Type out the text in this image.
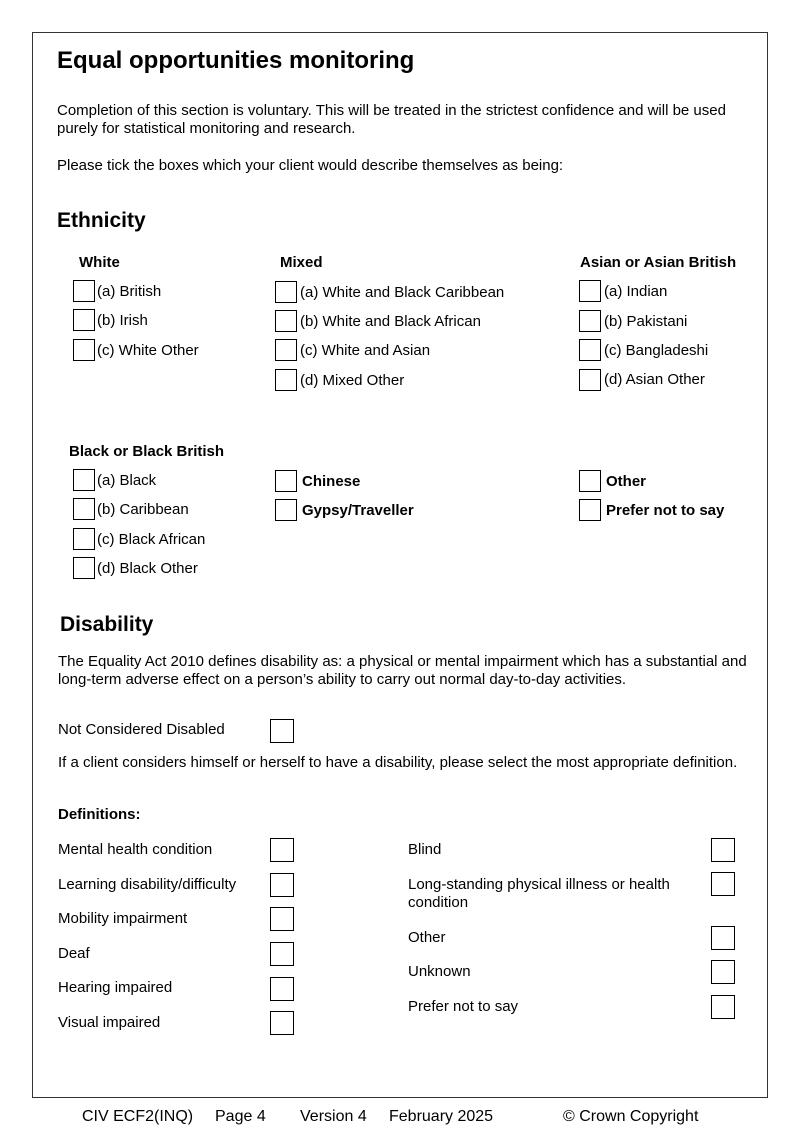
Equal opportunities monitoring
Completion of this section is voluntary. This will be treated in the strictest confidence and will be used purely for statistical monitoring and research.
Please tick the boxes which your client would describe themselves as being:
Ethnicity
White
(a) British
(b) Irish
(c) White Other
Mixed
(a) White and Black Caribbean
(b) White and Black African
(c) White and Asian
(d) Mixed Other
Asian or Asian British
(a) Indian
(b) Pakistani
(c) Bangladeshi
(d) Asian Other
Black or Black British
(a) Black
(b) Caribbean
(c) Black African
(d) Black Other
Chinese
Gypsy/Traveller
Other
Prefer not to say
Disability
The Equality Act 2010 defines disability as: a physical or mental impairment which has a substantial and long-term adverse effect on a person’s ability to carry out normal day-to-day activities.
Not Considered Disabled
If a client considers himself or herself to have a disability, please select the most appropriate definition.
Definitions:
Mental health condition
Learning disability/difficulty
Mobility impairment
Deaf
Hearing impaired
Visual impaired
Blind
Long-standing physical illness or health condition
Other
Unknown
Prefer not to say
CIV ECF2(INQ) Page 4 Version 4 February 2025	© Crown Copyright
